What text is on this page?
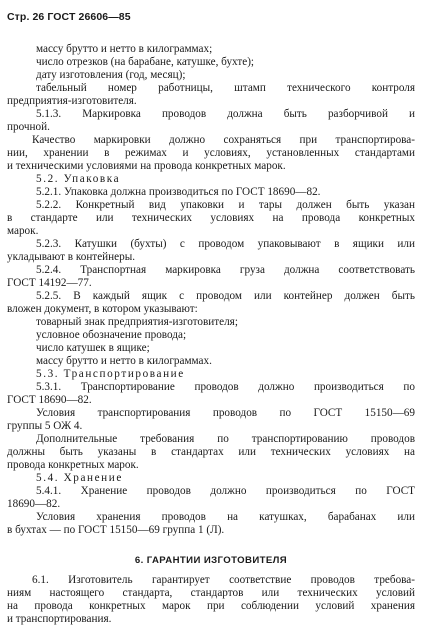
Стр. 26 ГОСТ 26606—85
массу брутто и нетто в килограммах;
число отрезков (на барабане, катушке, бухте);
дату изготовления (год, месяц);
табельный номер работницы, штамп технического контроля
предприятия-изготовителя.
5.1.3. Маркировка проводов должна быть разборчивой и
прочной.
Качество маркировки должно сохраняться при транспортирова-
нии, хранении в режимах и условиях, установленных стандартами
и техническими условиями на провода конкретных марок.
5.2. Упаковка
5.2.1. Упаковка должна производиться по ГОСТ 18690—82.
5.2.2. Конкретный вид упаковки и тары должен быть указан
в стандарте или технических условиях на провода конкретных
марок.
5.2.3. Катушки (бухты) с проводом упаковывают в ящики или
укладывают в контейнеры.
5.2.4. Транспортная маркировка груза должна соответствовать
ГОСТ 14192—77.
5.2.5. В каждый ящик с проводом или контейнер должен быть
вложен документ, в котором указывают:
товарный знак предприятия-изготовителя;
условное обозначение провода;
число катушек в ящике;
массу брутто и нетто в килограммах.
5.3. Транспортирование
5.3.1. Транспортирование проводов должно производиться по
ГОСТ 18690—82.
Условия транспортирования проводов по ГОСТ 15150—69
группы 5 ОЖ 4.
Дополнительные требования по транспортированию проводов
должны быть указаны в стандартах или технических условиях на
провода конкретных марок.
5.4. Хранение
5.4.1. Хранение проводов должно производиться по ГОСТ
18690—82.
Условия хранения проводов на катушках, барабанах или
в бухтах — по ГОСТ 15150—69 группа 1 (Л).
6. ГАРАНТИИ ИЗГОТОВИТЕЛЯ
6.1. Изготовитель гарантирует соответствие проводов требова-
ниям настоящего стандарта, стандартов или технических условий
на провода конкретных марок при соблюдении условий хранения
и транспортирования.
